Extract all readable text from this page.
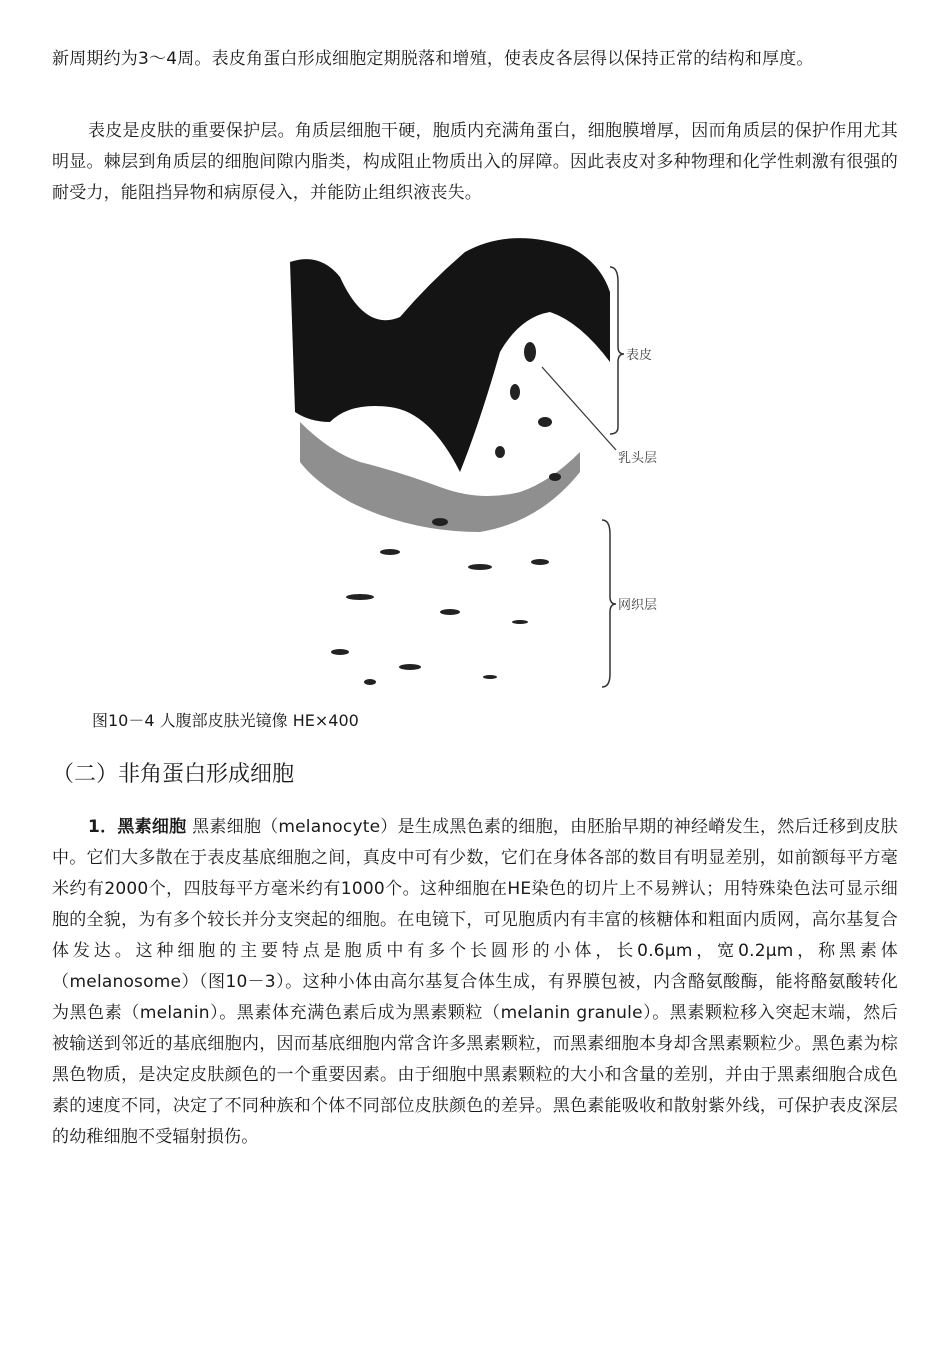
新周期约为3～4周。表皮角蛋白形成细胞定期脱落和增殖，使表皮各层得以保持正常的结构和厚度。

表皮是皮肤的重要保护层。角质层细胞干硬，胞质内充满角蛋白，细胞膜增厚，因而角质层的保护作用尤其明显。棘层到角质层的细胞间隙内脂类，构成阻止物质出入的屏障。因此表皮对多种物理和化学性刺激有很强的耐受力，能阻挡异物和病原侵入，并能防止组织液丧失。

表皮
乳头层
网织层

图10－4 人腹部皮肤光镜像 HE×400

（二）非角蛋白形成细胞

1．黑素细胞 黑素细胞（melanocyte）是生成黑色素的细胞，由胚胎早期的神经嵴发生，然后迁移到皮肤中。它们大多散在于表皮基底细胞之间，真皮中可有少数，它们在身体各部的数目有明显差别，如前额每平方毫米约有2000个，四肢每平方毫米约有1000个。这种细胞在HE染色的切片上不易辨认；用特殊染色法可显示细胞的全貌，为有多个较长并分支突起的细胞。在电镜下，可见胞质内有丰富的核糖体和粗面内质网，高尔基复合体发达。这种细胞的主要特点是胞质中有多个长圆形的小体，长0.6μm，宽0.2μm，称黑素体（melanosome）（图10－3）。这种小体由高尔基复合体生成，有界膜包被，内含酪氨酸酶，能将酪氨酸转化为黑色素（melanin）。黑素体充满色素后成为黑素颗粒（melanin granule）。黑素颗粒移入突起末端，然后被输送到邻近的基底细胞内，因而基底细胞内常含许多黑素颗粒，而黑素细胞本身却含黑素颗粒少。黑色素为棕黑色物质，是决定皮肤颜色的一个重要因素。由于细胞中黑素颗粒的大小和含量的差别，并由于黑素细胞合成色素的速度不同，决定了不同种族和个体不同部位皮肤颜色的差异。黑色素能吸收和散射紫外线，可保护表皮深层的幼稚细胞不受辐射损伤。
